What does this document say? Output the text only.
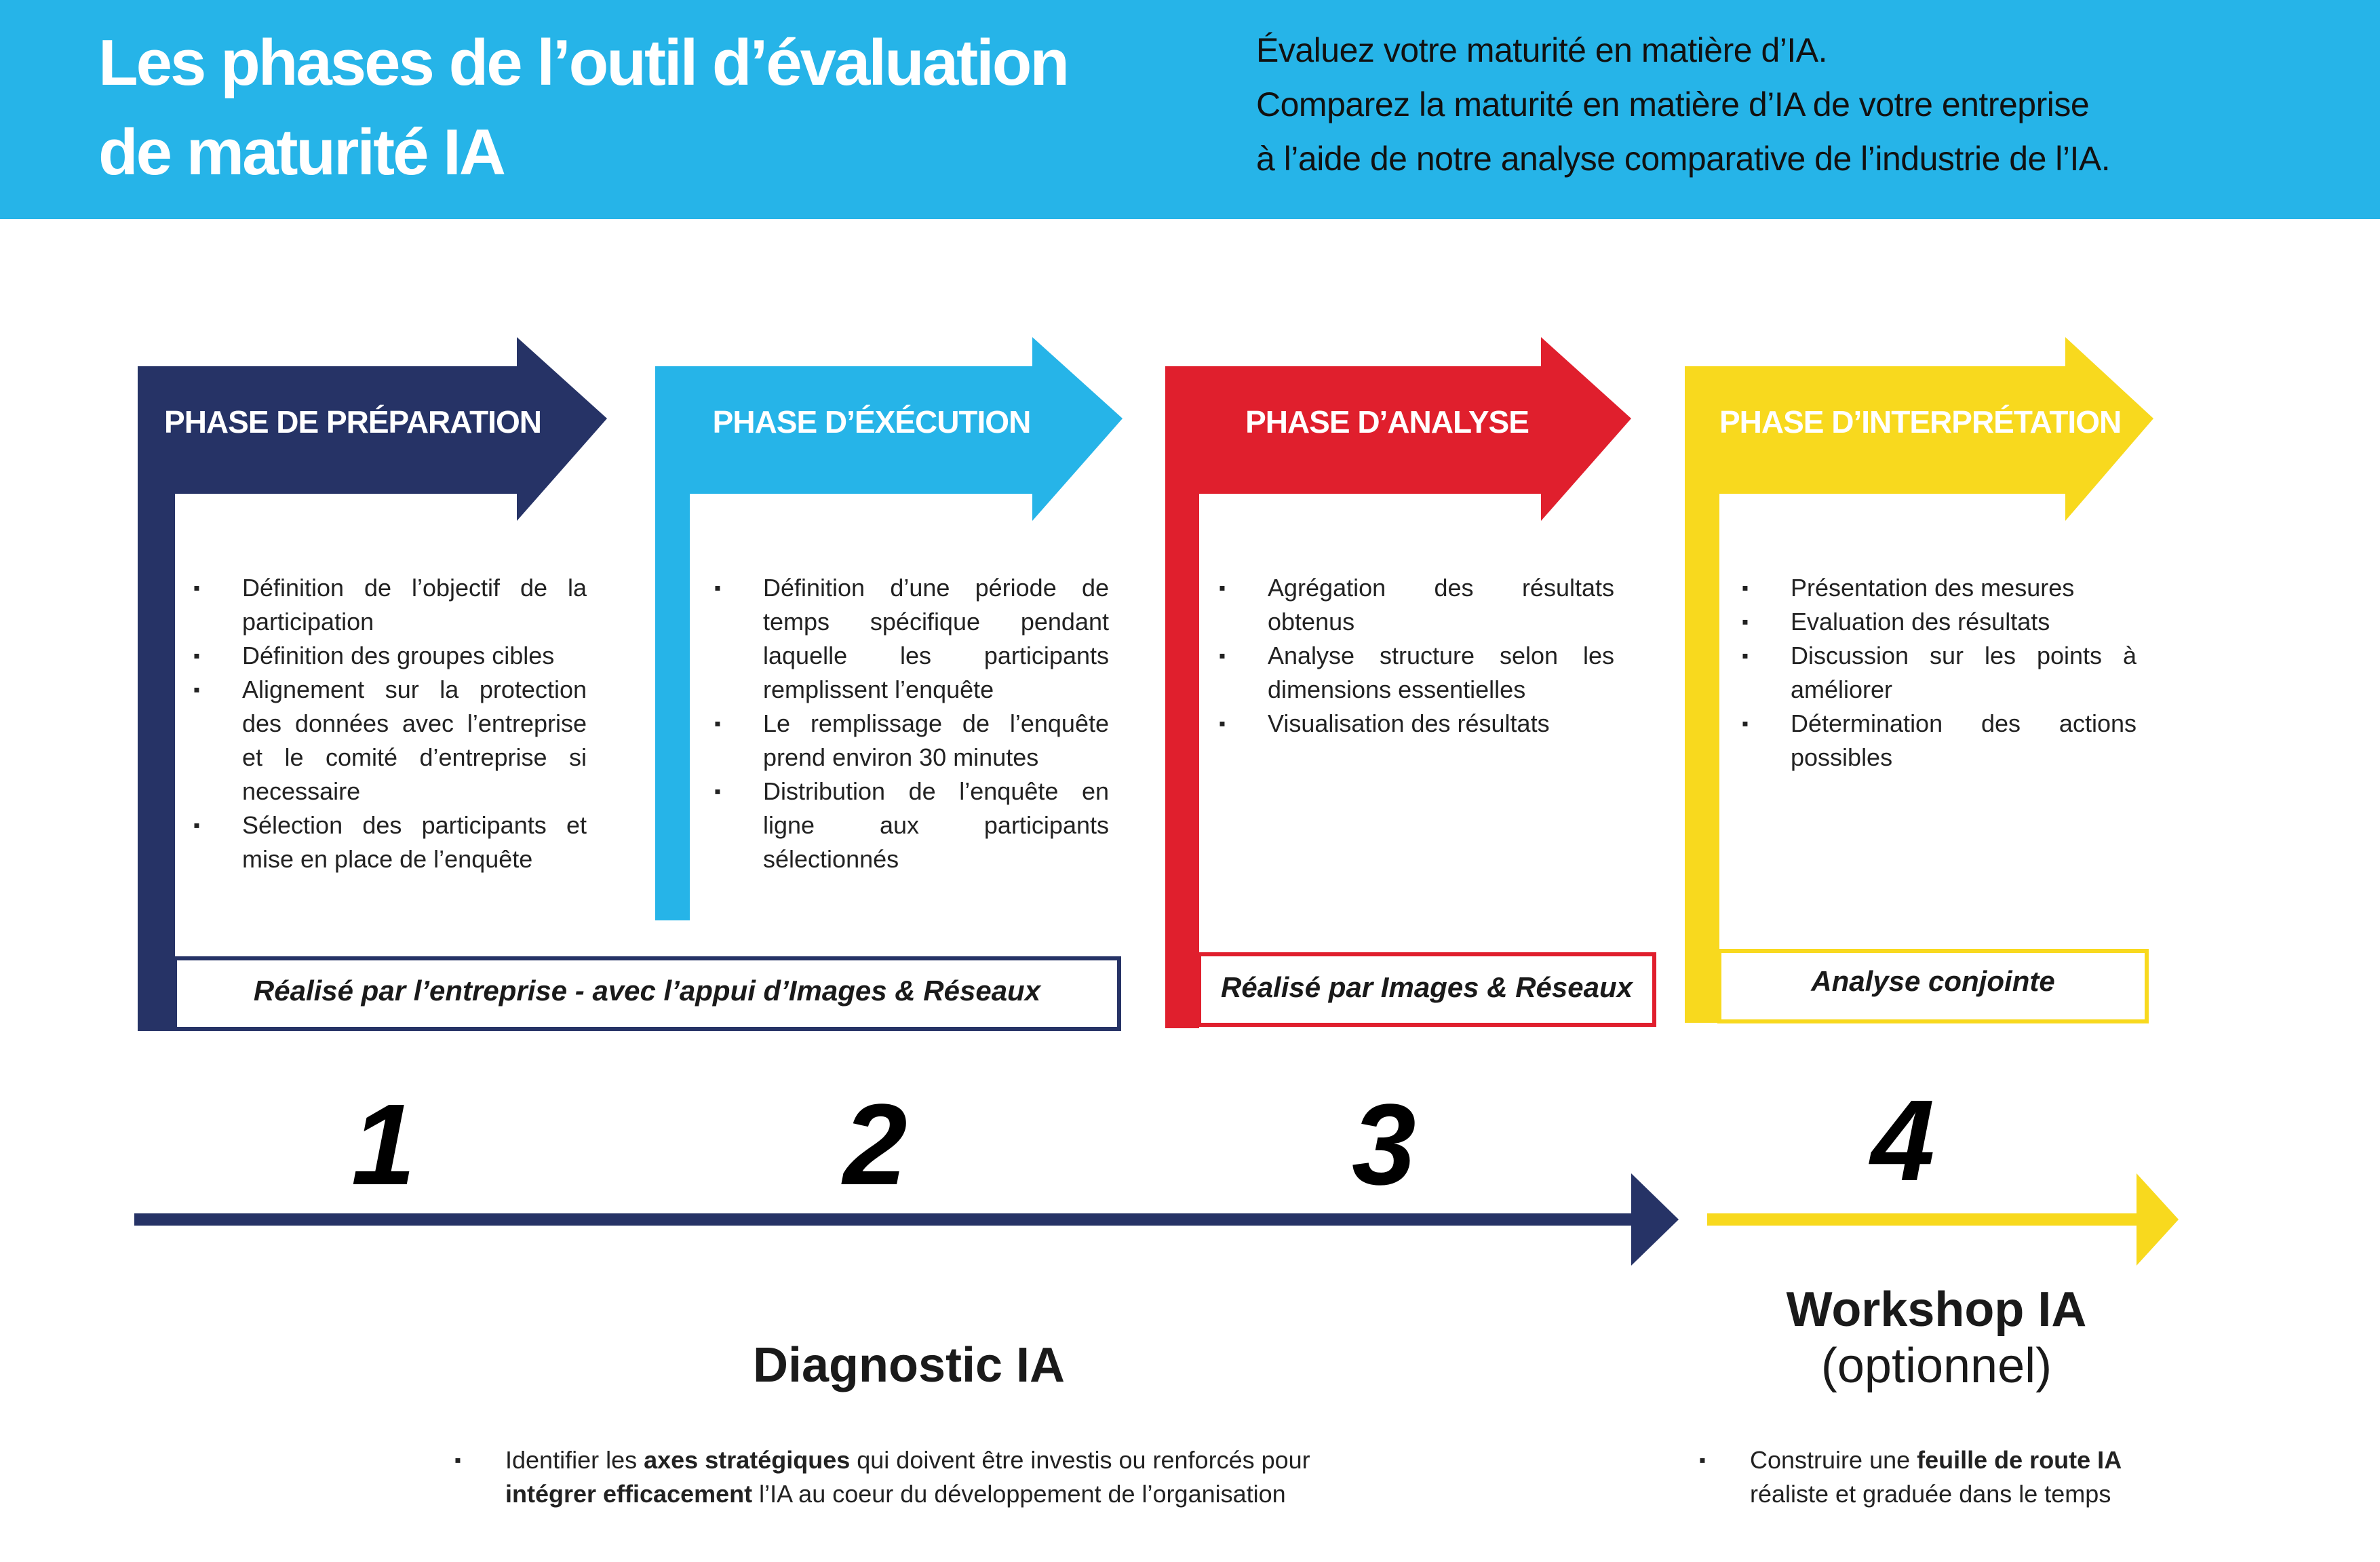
Les phases de l’outil d’évaluation
de maturité IA
Évaluez votre maturité en matière d’IA.
Comparez la maturité en matière d’IA de votre entreprise
à l’aide de notre analyse comparative de l’industrie de l’IA.
PHASE DE PRÉPARATION	PHASE D’ÉXÉCUTION	PHASE D’ANALYSE	PHASE D’INTERPRÉTATION
▪ Définition de l’objectif de la participation
▪ Définition des groupes cibles
▪ Alignement sur la protection des données avec l’entreprise et le comité d’entreprise si necessaire
▪ Sélection des participants et mise en place de l’enquête
▪ Définition d’une période de temps spécifique pendant laquelle les participants remplissent l’enquête
▪ Le remplissage de l’enquête prend environ 30 minutes
▪ Distribution de l’enquête en ligne aux participants sélectionnés
▪ Agrégation des résultats obtenus
▪ Analyse structure selon les dimensions essentielles
▪ Visualisation des résultats
▪ Présentation des mesures
▪ Evaluation des résultats
▪ Discussion sur les points à améliorer
▪ Détermination des actions possibles
Réalisé par l’entreprise - avec l’appui d’Images & Réseaux	Réalisé par Images & Réseaux	Analyse conjointe
1	2	3	4
Diagnostic IA
▪ Identifier les axes stratégiques qui doivent être investis ou renforcés pour
intégrer efficacement l’IA au coeur du développement de l’organisation
Workshop IA
(optionnel)
▪ Construire une feuille de route IA
réaliste et graduée dans le temps
